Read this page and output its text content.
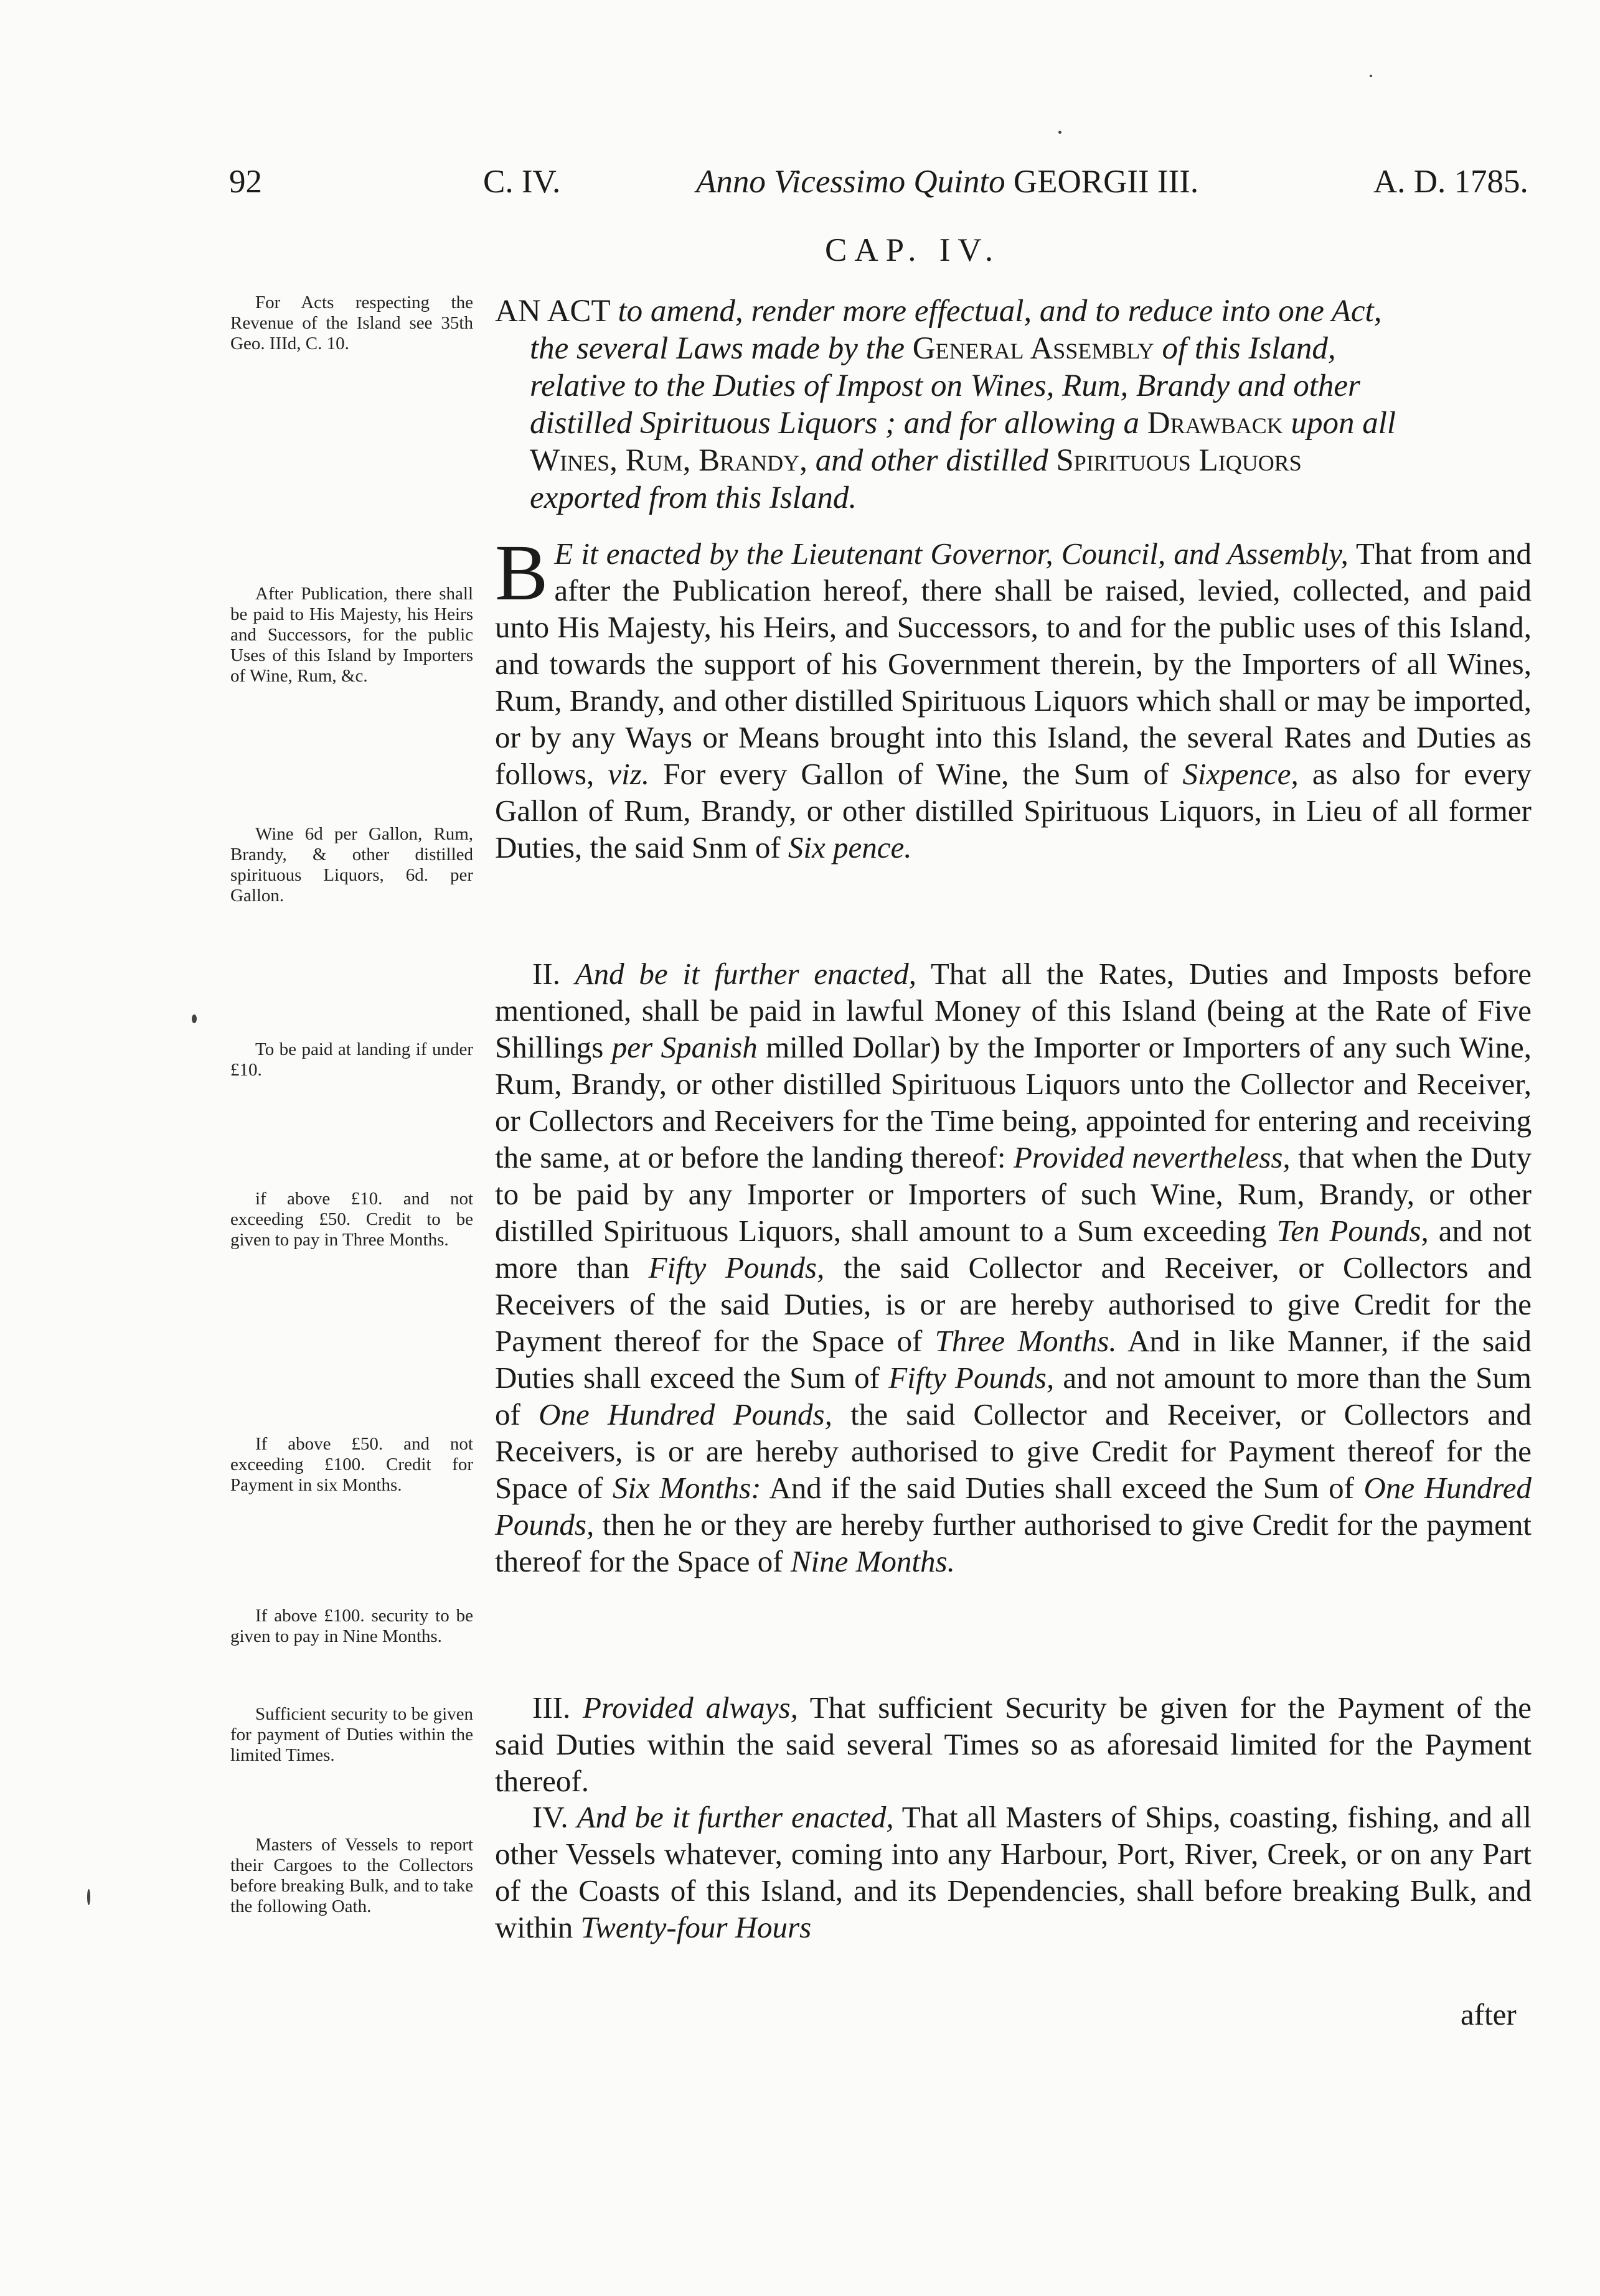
92	C. IV.	Anno Vicessimo Quinto GEORGII III.	A. D. 1785.
CAP. IV.
AN ACT to amend, render more effectual, and to reduce into one Act,
the several Laws made by the General Assembly of this Island,
relative to the Duties of Impost on Wines, Rum, Brandy and other
distilled Spirituous Liquors ; and for allowing a Drawback upon all
Wines, Rum, Brandy, and other distilled Spirituous Liquors
exported from this Island.

B E it enacted by the Lieutenant Governor, Council, and Assembly, That from and after the Publication hereof, there shall be raised, levied, collected, and paid unto His Majesty, his Heirs, and Successors, to and for the public uses of this Island, and towards the support of his Government therein, by the Importers of all Wines, Rum, Brandy, and other distilled Spirituous Liquors which shall or may be imported, or by any Ways or Means brought into this Island, the several Rates and Duties as follows, viz. For every Gallon of Wine, the Sum of Sixpence, as also for every Gallon of Rum, Brandy, or other distilled Spirituous Liquors, in Lieu of all former Duties, the said Snm of Six pence.

II. And be it further enacted, That all the Rates, Duties and Imposts before mentioned, shall be paid in lawful Money of this Island (being at the Rate of Five Shillings per Spanish milled Dollar) by the Importer or Importers of any such Wine, Rum, Brandy, or other distilled Spirituous Liquors unto the Collector and Receiver, or Collectors and Receivers for the Time being, appointed for entering and receiving the same, at or before the landing thereof: Provided nevertheless, that when the Duty to be paid by any Importer or Importers of such Wine, Rum, Brandy, or other distilled Spirituous Liquors, shall amount to a Sum exceeding Ten Pounds, and not more than Fifty Pounds, the said Collector and Receiver, or Collectors and Receivers of the said Duties, is or are hereby authorised to give Credit for the Payment thereof for the Space of Three Months. And in like Manner, if the said Duties shall exceed the Sum of Fifty Pounds, and not amount to more than the Sum of One Hundred Pounds, the said Collector and Receiver, or Collectors and Receivers, is or are hereby authorised to give Credit for Payment thereof for the Space of Six Months: And if the said Duties shall exceed the Sum of One Hundred Pounds, then he or they are hereby further authorised to give Credit for the payment thereof for the Space of Nine Months.

III. Provided always, That sufficient Security be given for the Payment of the said Duties within the said several Times so as aforesaid limited for the Payment thereof.

IV. And be it further enacted, That all Masters of Ships, coasting, fishing, and all other Vessels whatever, coming into any Harbour, Port, River, Creek, or on any Part of the Coasts of this Island, and its Dependencies, shall before breaking Bulk, and within Twenty-four Hours

after

For Acts respecting the Revenue of the Island see 35th Geo. IIId, C. 10.

After Publication, there shall be paid to His Majesty, his Heirs and Successors, for the public Uses of this Island by Importers of Wine, Rum, &c.

Wine 6d per Gallon, Rum, Brandy, & other distilled spirituous Liquors, 6d. per Gallon.

To be paid at landing if under £10.

if above £10. and not exceeding £50. Credit to be given to pay in Three Months.

If above £50. and not exceeding £100. Credit for Payment in six Months.

If above £100. security to be given to pay in Nine Months.

Sufficient security to be given for payment of Duties within the limited Times.

Masters of Vessels to report their Cargoes to the Collectors before breaking Bulk, and to take the following Oath.
